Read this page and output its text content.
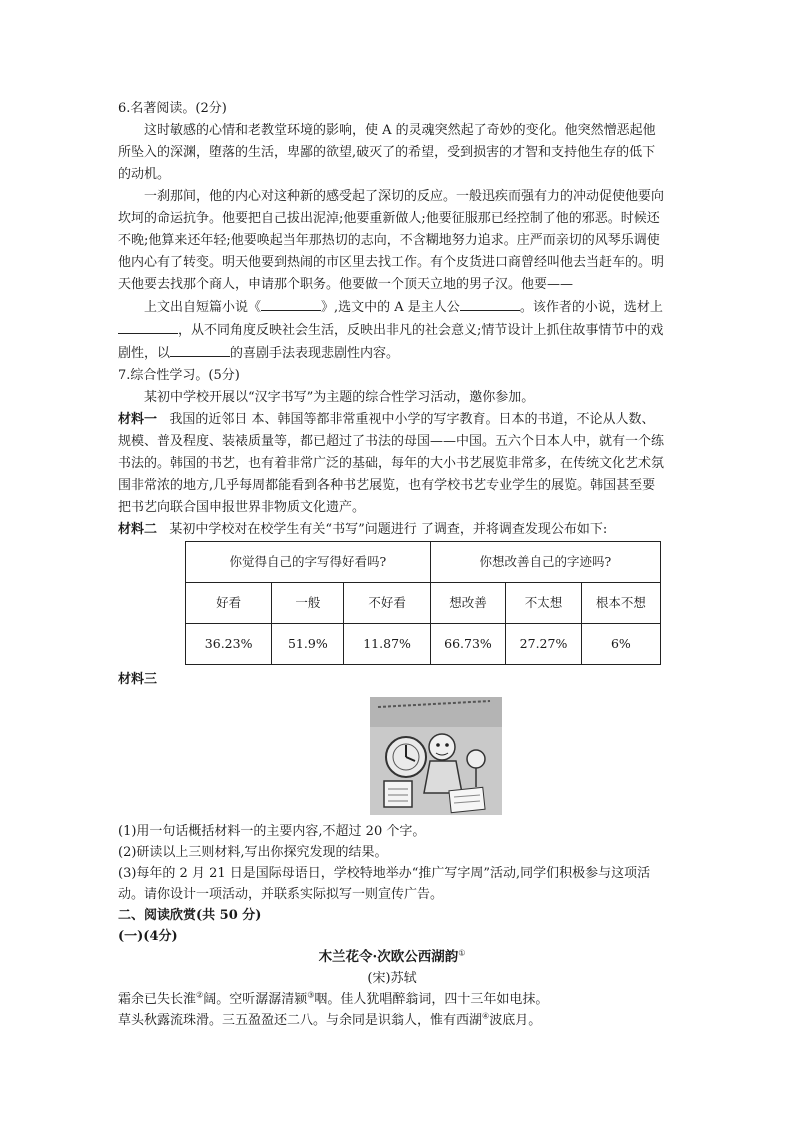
6.名著阅读。(2分)

这时敏感的心情和老教堂环境的影响，使 A 的灵魂突然起了奇妙的变化。他突然憎恶起他所坠入的深渊，堕落的生活，卑鄙的欲望,破灭了的希望，受到损害的才智和支持他生存的低下的动机。

一刹那间，他的内心对这种新的感受起了深切的反应。一般迅疾而强有力的冲动促使他要向坎坷的命运抗争。他要把自己拔出泥淖;他要重新做人;他要征服那已经控制了他的邪恶。时候还不晚;他算来还年轻;他要唤起当年那热切的志向，不含糊地努力追求。庄严而亲切的风琴乐调使他内心有了转变。明天他要到热闹的市区里去找工作。有个皮货进口商曾经叫他去当赶车的。明天他要去找那个商人，申请那个职务。他要做一个顶天立地的男子汉。他要——

上文出自短篇小说《	》,选文中的 A 是主人公	。该作者的小说，选材上，从不同角度反映社会生活，反映出非凡的社会意义;情节设计上抓住故事情节中的戏剧性，以	的喜剧手法表现悲剧性内容。

7.综合性学习。(5分)

某初中学校开展以“汉字书写”为主题的综合性学习活动，邀你参加。

材料一 我国的近邻日 本、韩国等都非常重视中小学的写字教育。日本的书道，不论从人数、规模、普及程度、装裱质量等，都已超过了书法的母国——中国。五六个日本人中，就有一个练书法的。韩国的书艺，也有着非常广泛的基础，每年的大小书艺展览非常多，在传统文化艺术氛围非常浓的地方,几乎每周都能看到各种书艺展览，也有学校书艺专业学生的展览。韩国甚至要把书艺向联合国申报世界非物质文化遗产。

材料二 某初中学校对在校学生有关“书写”问题进行 了调查，并将调查发现公布如下:

你觉得自己的字写得好看吗?			你想改善自己的字迹吗?		
好看	一般	不好看	想改善	不太想	根本不想
36.23%	51.9%	11.87%	66.73%	27.27%	6%

材料三

(1)用一句话概括材料一的主要内容,不超过 20 个字。

(2)研读以上三则材料,写出你探究发现的结果。

(3)每年的 2 月 21 日是国际母语日，学校特地举办“推广写字周”活动,同学们积极参与这项活动。请你设计一项活动，并联系实际拟写一则宣传广告。

二、阅读欣赏(共 50 分)

(一)(4分)

木兰花令·次欧公西湖韵①

(宋)苏轼

霜余已失长淮②阔。空听潺潺清颍③咽。佳人犹唱醉翁词，四十三年如电抹。

草头秋露流珠滑。三五盈盈还二八。与余同是识翁人，惟有西湖④波底月。
